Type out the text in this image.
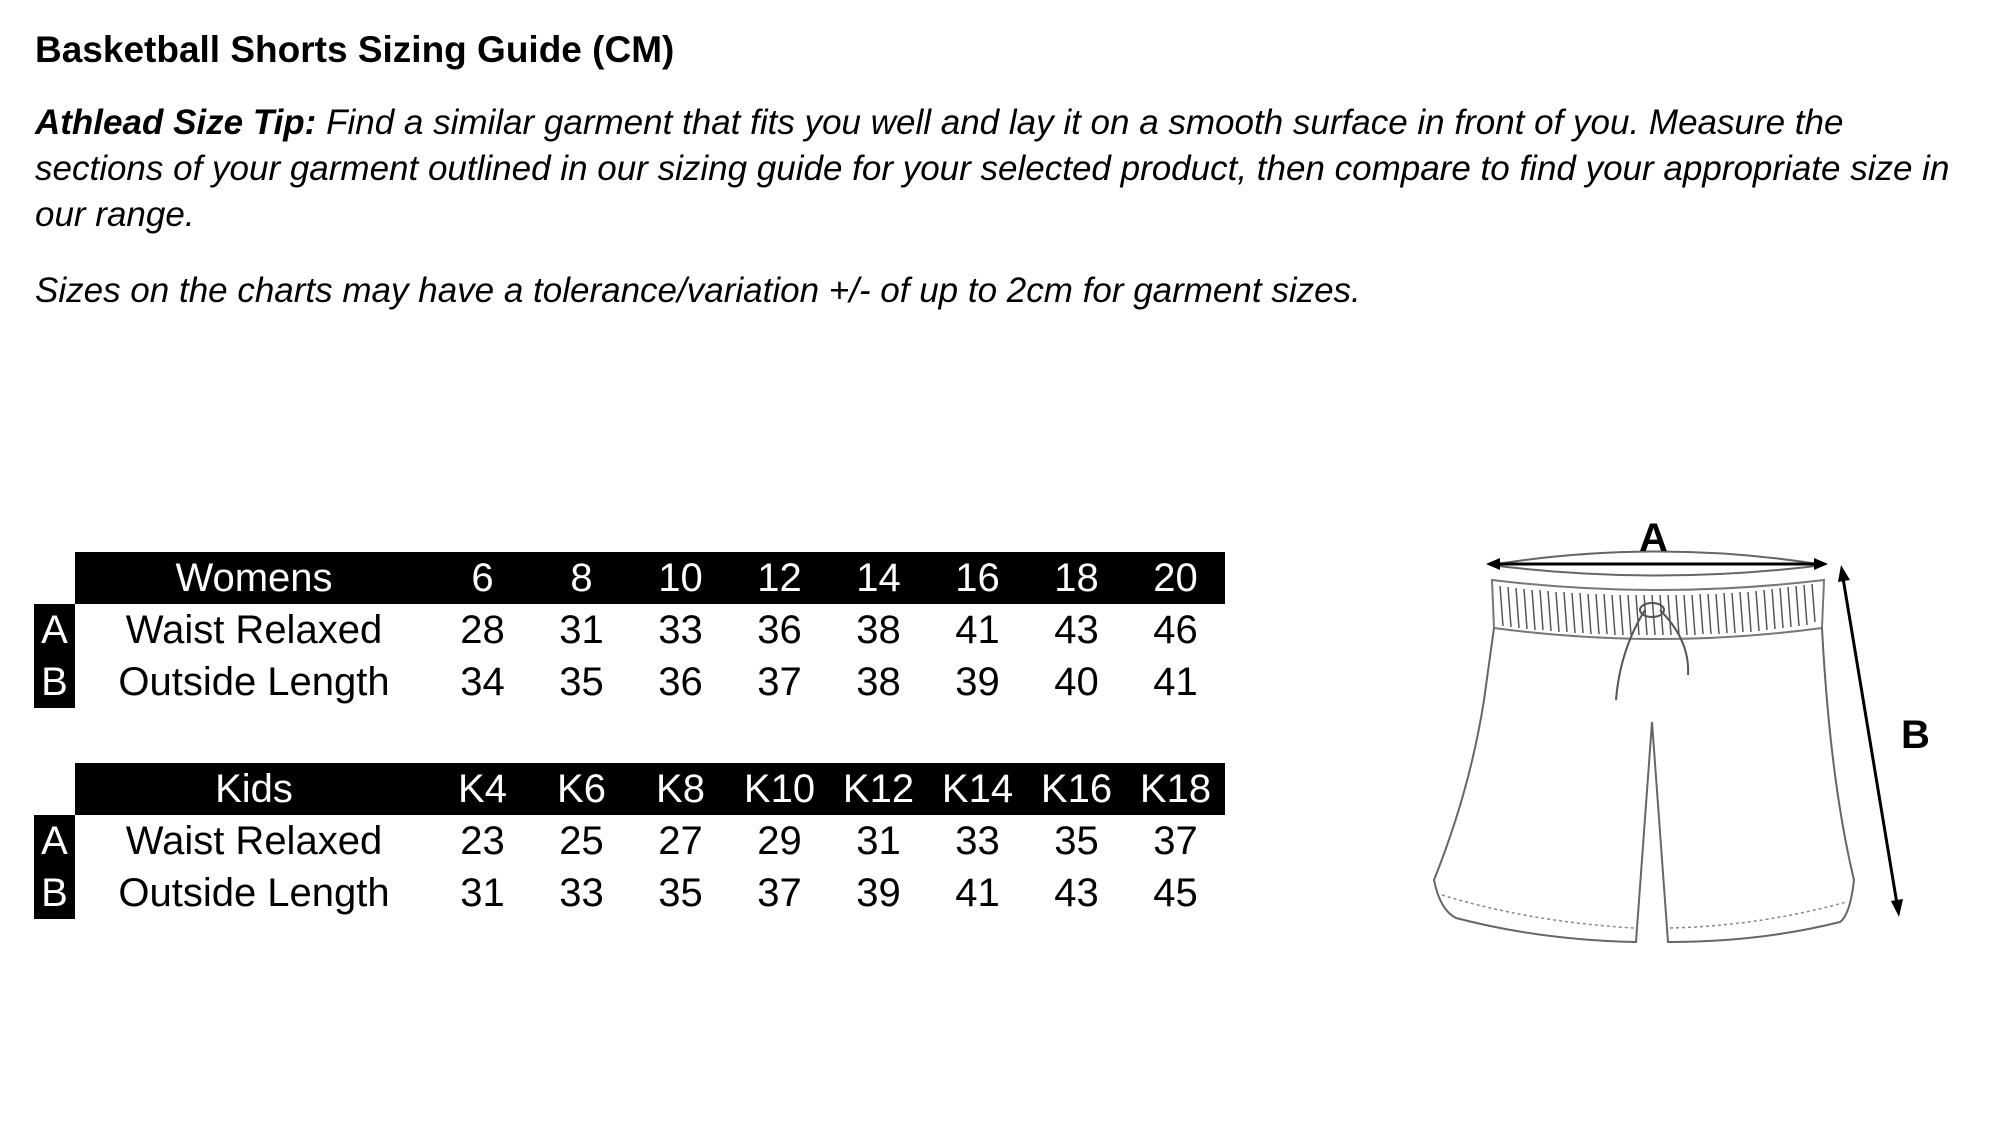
Basketball Shorts Sizing Guide (CM)

Athlead Size Tip: Find a similar garment that fits you well and lay it on a smooth surface in front of you. Measure the sections of your garment outlined in our sizing guide for your selected product, then compare to find your appropriate size in our range.

Sizes on the charts may have a tolerance/variation +/- of up to 2cm for garment sizes.

	Womens	6	8	10	12	14	16	18	20
A	Waist Relaxed	28	31	33	36	38	41	43	46
B	Outside Length	34	35	36	37	38	39	40	41
	Kids	K4	K6	K8	K10	K12	K14	K16	K18
A	Waist Relaxed	23	25	27	29	31	33	35	37
B	Outside Length	31	33	35	37	39	41	43	45
A
B
